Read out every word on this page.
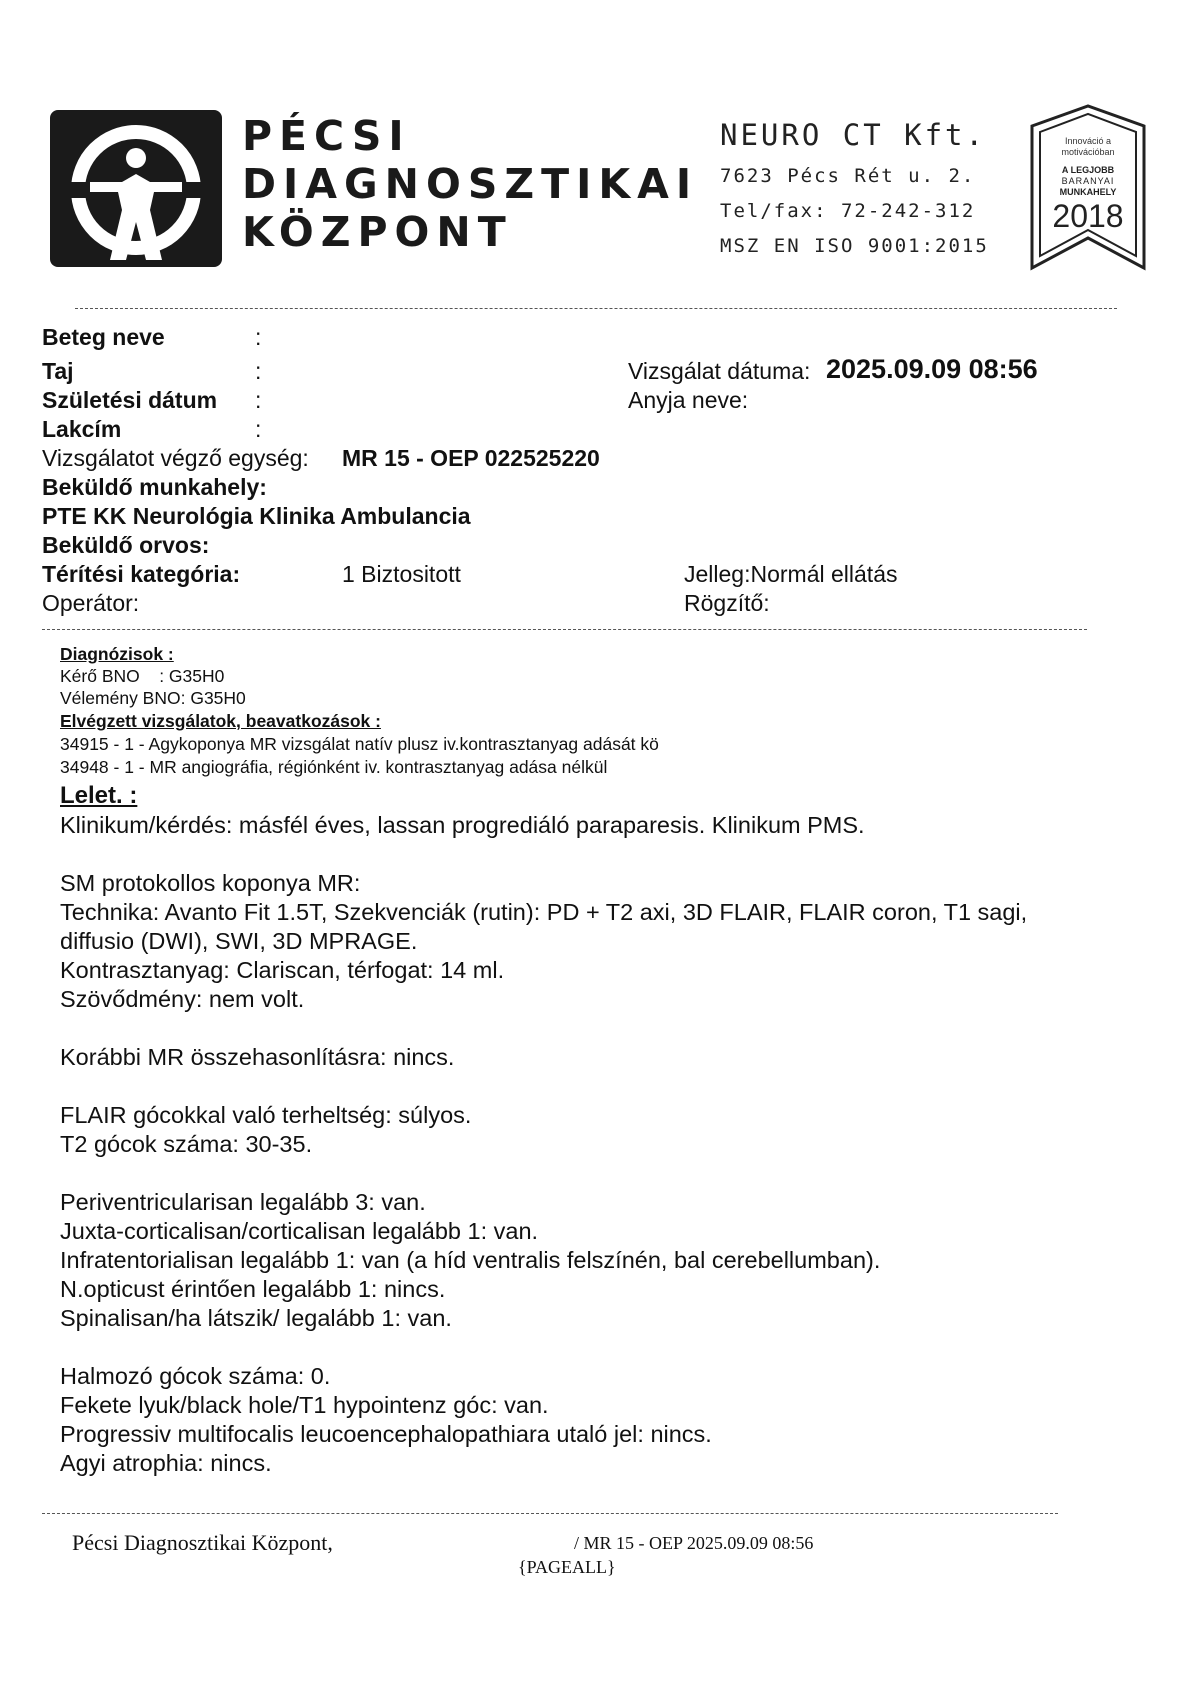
PÉCSI
DIAGNOSZTIKAI
KÖZPONT
NEURO CT Kft.
7623 Pécs Rét u. 2.
Tel/fax: 72-242-312
MSZ EN ISO 9001:2015
Innováció a
motivációban
A LEGJOBB
BARANYAI
MUNKAHELY
2018
Beteg neve	:
Taj	:	Vizsgálat dátuma: 2025.09.09 08:56
Születési dátum :	Anyja neve:
Lakcím	:
Vizsgálatot végző egység: MR 15 - OEP 022525220
Beküldő munkahely:
PTE KK Neurológia Klinika Ambulancia
Beküldő orvos:
Térítési kategória:	1 Biztositott	Jelleg:Normál ellátás
Operátor:	Rögzítő:
Diagnózisok :
Kérő BNO    : G35H0
Vélemény BNO: G35H0
Elvégzett vizsgálatok, beavatkozások :
34915 - 1 - Agykoponya MR vizsgálat natív plusz iv.kontrasztanyag adását kö
34948 - 1 - MR angiográfia, régiónként iv. kontrasztanyag adása nélkül
Lelet. :
Klinikum/kérdés: másfél éves, lassan progrediáló paraparesis. Klinikum PMS.
SM protokollos koponya MR:
Technika: Avanto Fit 1.5T, Szekvenciák (rutin): PD + T2 axi, 3D FLAIR, FLAIR coron, T1 sagi,
diffusio (DWI), SWI, 3D MPRAGE.
Kontrasztanyag: Clariscan, térfogat: 14 ml.
Szövődmény: nem volt.
Korábbi MR összehasonlításra: nincs.
FLAIR gócokkal való terheltség: súlyos.
T2 gócok száma: 30-35.
Periventricularisan legalább 3: van.
Juxta-corticalisan/corticalisan legalább 1: van.
Infratentorialisan legalább 1: van (a híd ventralis felszínén, bal cerebellumban).
N.opticust érintően legalább 1: nincs.
Spinalisan/ha látszik/ legalább 1: van.
Halmozó gócok száma: 0.
Fekete lyuk/black hole/T1 hypointenz góc: van.
Progressiv multifocalis leucoencephalopathiara utaló jel: nincs.
Agyi atrophia: nincs.
Pécsi Diagnosztikai Központ,	/ MR 15 - OEP 2025.09.09 08:56
{PAGEALL}
